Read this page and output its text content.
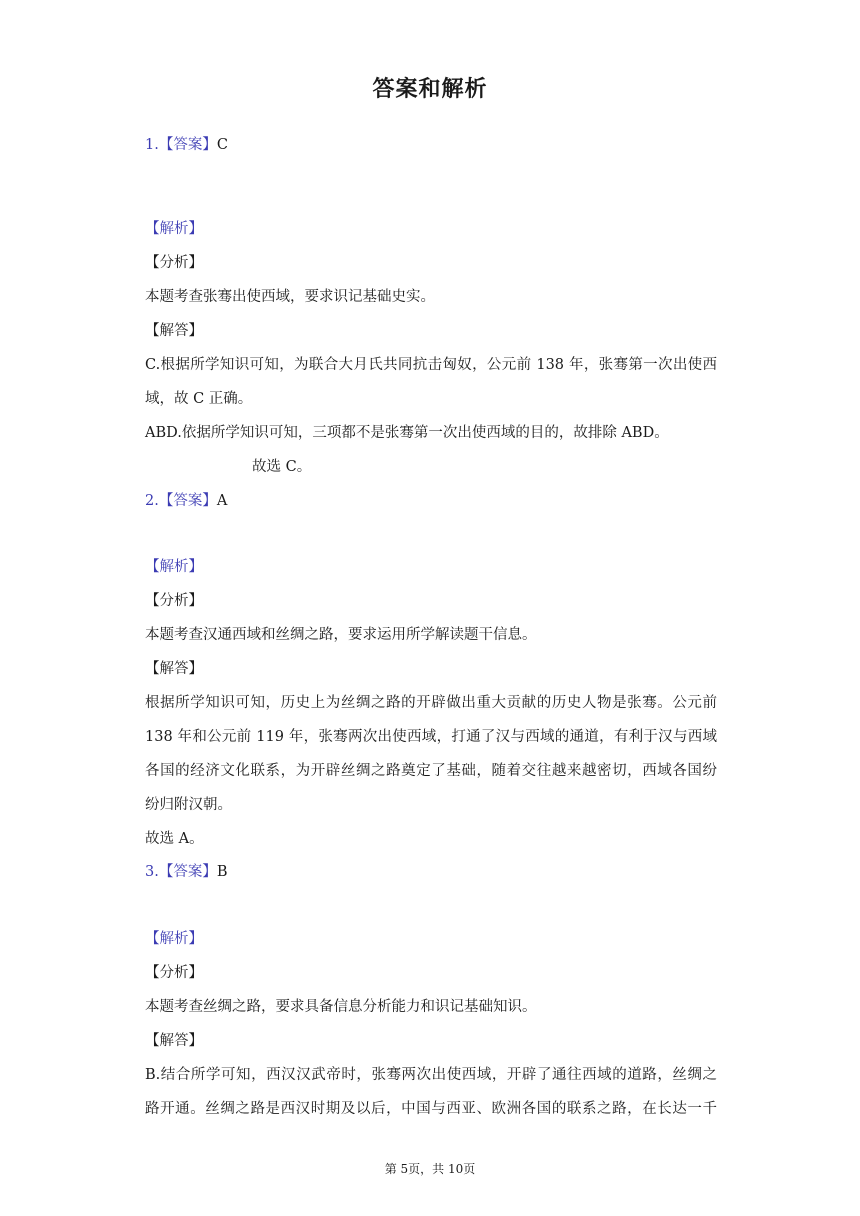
答案和解析
1.【答案】C
【解析】
【分析】
本题考查张骞出使西域，要求识记基础史实。
【解答】
C.根据所学知识可知，为联合大月氏共同抗击匈奴，公元前 138 年，张骞第一次出使西
域，故 C 正确。
ABD.依据所学知识可知，三项都不是张骞第一次出使西域的目的，故排除 ABD。
故选 C。
2.【答案】A
【解析】
【分析】
本题考查汉通西域和丝绸之路，要求运用所学解读题干信息。
【解答】
根据所学知识可知，历史上为丝绸之路的开辟做出重大贡献的历史人物是张骞。公元前
138 年和公元前 119 年，张骞两次出使西域，打通了汉与西域的通道，有利于汉与西域
各国的经济文化联系，为开辟丝绸之路奠定了基础，随着交往越来越密切，西域各国纷
纷归附汉朝。
故选 A。
3.【答案】B
【解析】
【分析】
本题考查丝绸之路，要求具备信息分析能力和识记基础知识。
【解答】
B.结合所学可知，西汉汉武帝时，张骞两次出使西域，开辟了通往西域的道路，丝绸之
路开通。丝绸之路是西汉时期及以后，中国与西亚、欧洲各国的联系之路，在长达一千
第 5页，共 10页
